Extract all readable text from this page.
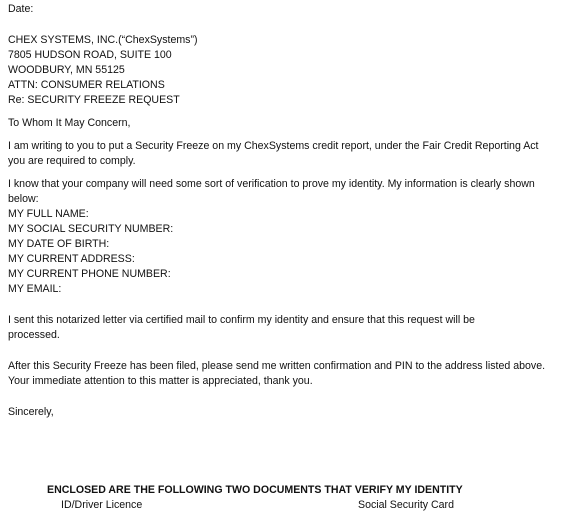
Date:
CHEX SYSTEMS, INC.(“ChexSystems”)
7805 HUDSON ROAD, SUITE 100
WOODBURY, MN 55125
ATTN: CONSUMER RELATIONS
Re: SECURITY FREEZE REQUEST
To Whom It May Concern,
I am writing to you to put a Security Freeze on my ChexSystems credit report, under the Fair Credit Reporting Act
you are required to comply.
I know that your company will need some sort of verification to prove my identity. My information is clearly shown
below:
MY FULL NAME:
MY SOCIAL SECURITY NUMBER:
MY DATE OF BIRTH:
MY CURRENT ADDRESS:
MY CURRENT PHONE NUMBER:
MY EMAIL:
I sent this notarized letter via certified mail to confirm my identity and ensure that this request will be
processed.
After this Security Freeze has been filed, please send me written confirmation and PIN to the address listed above.
Your immediate attention to this matter is appreciated, thank you.
Sincerely,
ENCLOSED ARE THE FOLLOWING TWO DOCUMENTS THAT VERIFY MY IDENTITY
ID/Driver Licence	Social Security Card
